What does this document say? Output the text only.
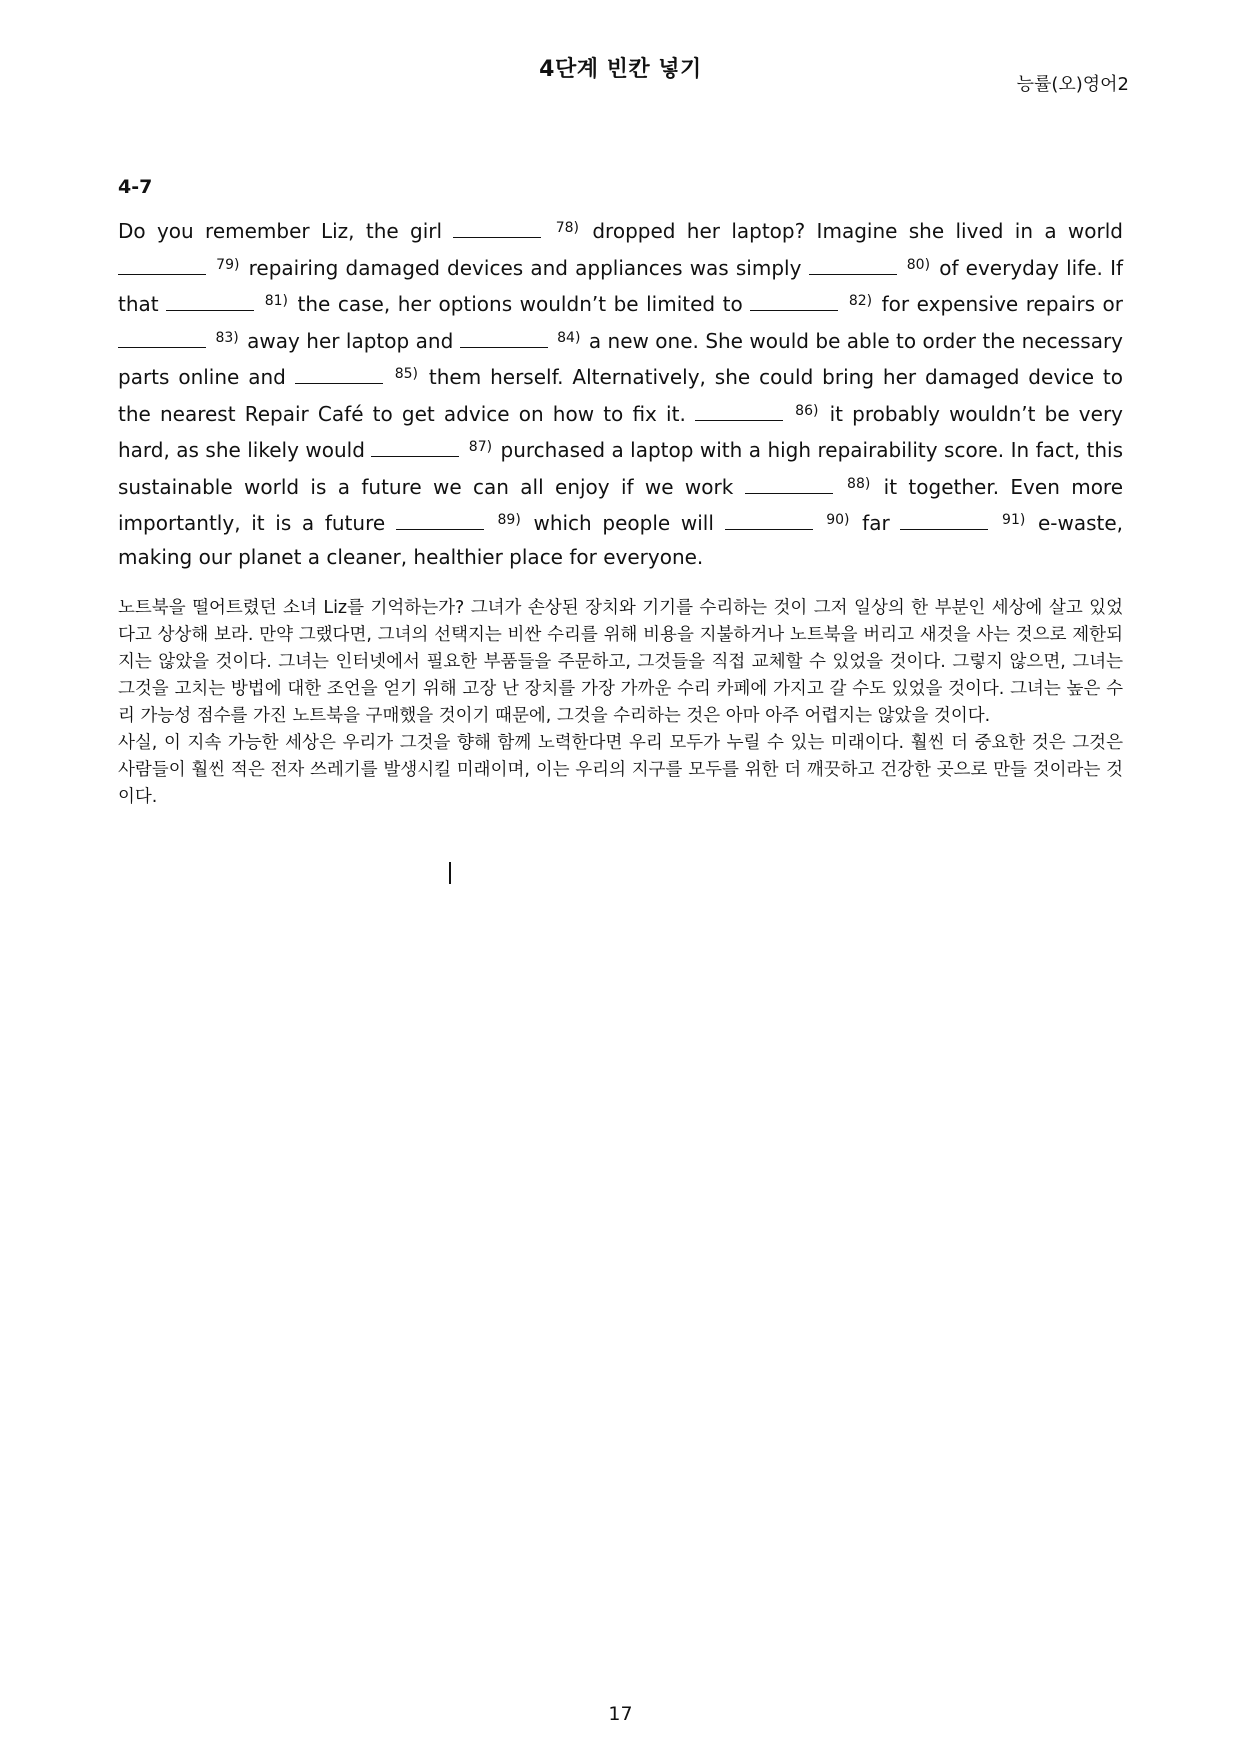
4단계 빈칸 넣기
능률(오)영어2
4-7
Do you remember Liz, the girl	$^{78)}$ dropped her laptop? Imagine she lived in a world  $^{79)}$ repairing damaged devices and appliances was simply	$^{80)}$ of everyday life. If that	$^{81)}$ the case, her options wouldn’t be limited to	$^{82)}$ for expensive repairs or  $^{83)}$ away her laptop and	$^{84)}$ a new one. She would be able to order the necessary parts online and	$^{85)}$ them herself. Alternatively, she could bring her damaged device to the nearest Repair Café to get advice on how to fix it.	$^{86)}$ it probably wouldn’t be very hard, as she likely would	$^{87)}$ purchased a laptop with a high repairability score. In fact, this sustainable world is a future we can all enjoy if we work	$^{88)}$ it together. Even more importantly, it is a future	$^{89)}$ which people will	$^{90)}$ far	$^{91)}$ e-waste, making our planet a cleaner, healthier place for everyone.

노트북을 떨어트렸던 소녀 Liz를 기억하는가? 그녀가 손상된 장치와 기기를 수리하는 것이 그저 일상의 한 부분인 세상에 살고 있었다고 상상해 보라. 만약 그랬다면, 그녀의 선택지는 비싼 수리를 위해 비용을 지불하거나 노트북을 버리고 새것을 사는 것으로 제한되지는 않았을 것이다. 그녀는 인터넷에서 필요한 부품들을 주문하고, 그것들을 직접 교체할 수 있었을 것이다. 그렇지 않으면, 그녀는 그것을 고치는 방법에 대한 조언을 얻기 위해 고장 난 장치를 가장 가까운 수리 카페에 가지고 갈 수도 있었을 것이다. 그녀는 높은 수리 가능성 점수를 가진 노트북을 구매했을 것이기 때문에, 그것을 수리하는 것은 아마 아주 어렵지는 않았을 것이다.

사실, 이 지속 가능한 세상은 우리가 그것을 향해 함께 노력한다면 우리 모두가 누릴 수 있는 미래이다. 훨씬 더 중요한 것은 그것은 사람들이 훨씬 적은 전자 쓰레기를 발생시킬 미래이며, 이는 우리의 지구를 모두를 위한 더 깨끗하고 건강한 곳으로 만들 것이라는 것이다.

17
